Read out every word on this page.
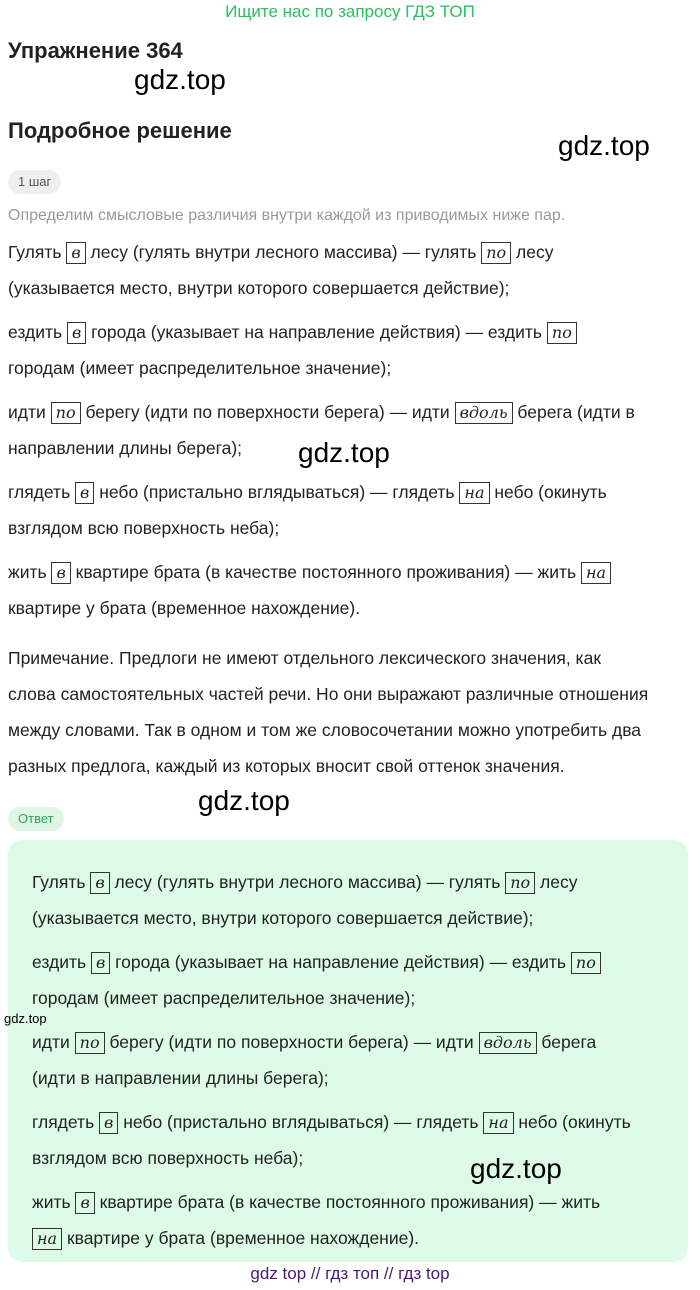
Ищите нас по запросу ГДЗ ТОП
Упражнение 364
Подробное решение
1 шаг
Определим смысловые различия внутри каждой из приводимых ниже пар.

Гулять в лесу (гулять внутри лесного массива) — гулять по лесу
(указывается место, внутри которого совершается действие);

ездить в города (указывает на направление действия) — ездить по
городам (имеет распределительное значение);

идти по берегу (идти по поверхности берега) — идти вдоль берега (идти в
направлении длины берега);

глядеть в небо (пристально вглядываться) — глядеть на небо (окинуть
взглядом всю поверхность неба);

жить в квартире брата (в качестве постоянного проживания) — жить на
квартире у брата (временное нахождение).

Примечание. Предлоги не имеют отдельного лексического значения, как

слова самостоятельных частей речи. Но они выражают различные отношения

между словами. Так в одном и том же словосочетании можно употребить два

разных предлога, каждый из которых вносит свой оттенок значения.

Ответ

Гулять в лесу (гулять внутри лесного массива) — гулять по лесу
(указывается место, внутри которого совершается действие);

ездить в города (указывает на направление действия) — ездить по
городам (имеет распределительное значение);

идти по берегу (идти по поверхности берега) — идти вдоль берега
(идти в направлении длины берега);

глядеть в небо (пристально вглядываться) — глядеть на небо (окинуть
взглядом всю поверхность неба);

жить в квартире брата (в качестве постоянного проживания) — жить
на квартире у брата (временное нахождение).

gdz.top
gdz.top
gdz.top
gdz.top
gdz.top
gdz.top
gdz top // гдз топ // гдз top
